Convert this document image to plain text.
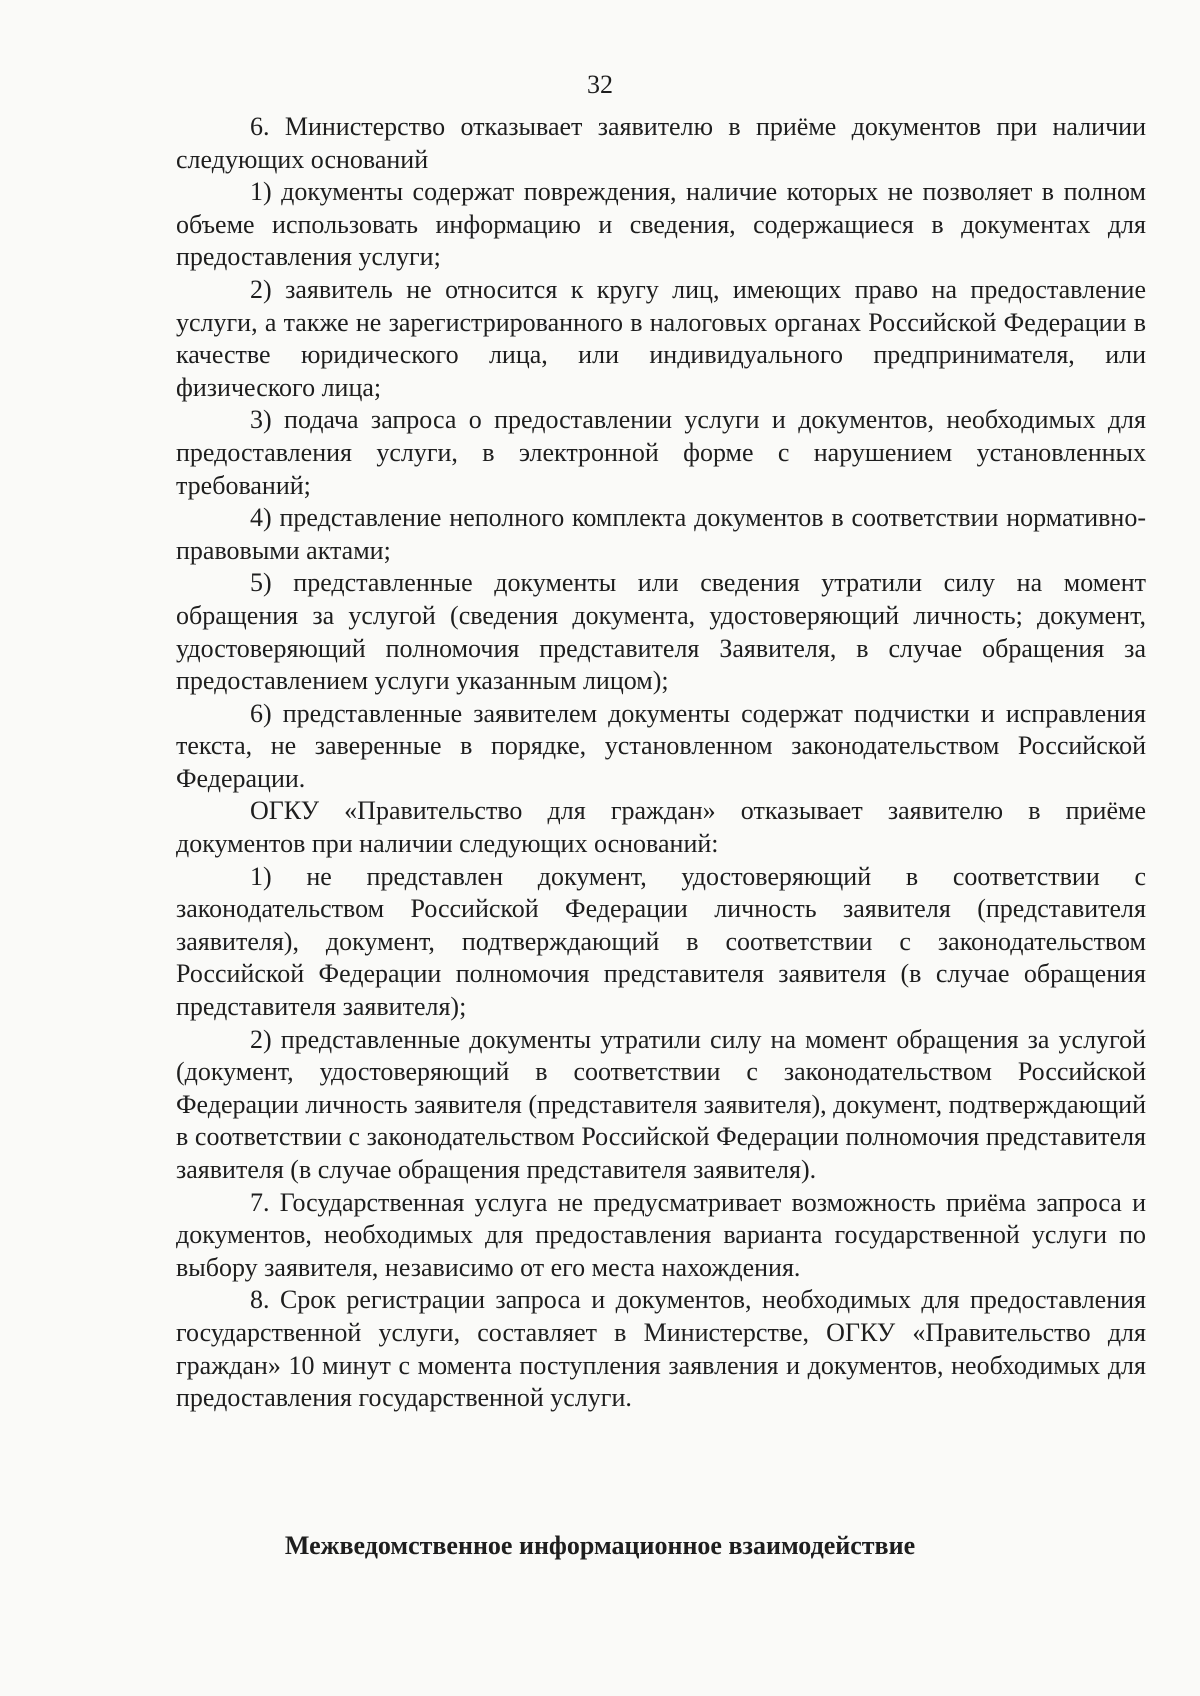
32

6. Министерство отказывает заявителю в приёме документов при наличии следующих оснований

1) документы содержат повреждения, наличие которых не позволяет в полном объеме использовать информацию и сведения, содержащиеся в документах для предоставления услуги;

2) заявитель не относится к кругу лиц, имеющих право на предоставление услуги, а также не зарегистрированного в налоговых органах Российской Федерации в качестве юридического лица, или индивидуального предпринимателя, или физического лица;

3) подача запроса о предоставлении услуги и документов, необходимых для предоставления услуги, в электронной форме с нарушением установленных требований;

4) представление неполного комплекта документов в соответствии нормативно-правовыми актами;

5) представленные документы или сведения утратили силу на момент обращения за услугой (сведения документа, удостоверяющий личность; документ, удостоверяющий полномочия представителя Заявителя, в случае обращения за предоставлением услуги указанным лицом);

6) представленные заявителем документы содержат подчистки и исправления текста, не заверенные в порядке, установленном законодательством Российской Федерации.

ОГКУ «Правительство для граждан» отказывает заявителю в приёме документов при наличии следующих оснований:

1) не представлен документ, удостоверяющий в соответствии с законодательством Российской Федерации личность заявителя (представителя заявителя), документ, подтверждающий в соответствии с законодательством Российской Федерации полномочия представителя заявителя (в случае обращения представителя заявителя);

2) представленные документы утратили силу на момент обращения за услугой (документ, удостоверяющий в соответствии с законодательством Российской Федерации личность заявителя (представителя заявителя), документ, подтверждающий в соответствии с законодательством Российской Федерации полномочия представителя заявителя (в случае обращения представителя заявителя).

7. Государственная услуга не предусматривает возможность приёма запроса и документов, необходимых для предоставления варианта государственной услуги по выбору заявителя, независимо от его места нахождения.

8. Срок регистрации запроса и документов, необходимых для предоставления государственной услуги, составляет в Министерстве, ОГКУ «Правительство для граждан» 10 минут с момента поступления заявления и документов, необходимых для предоставления государственной услуги.

Межведомственное информационное взаимодействие
